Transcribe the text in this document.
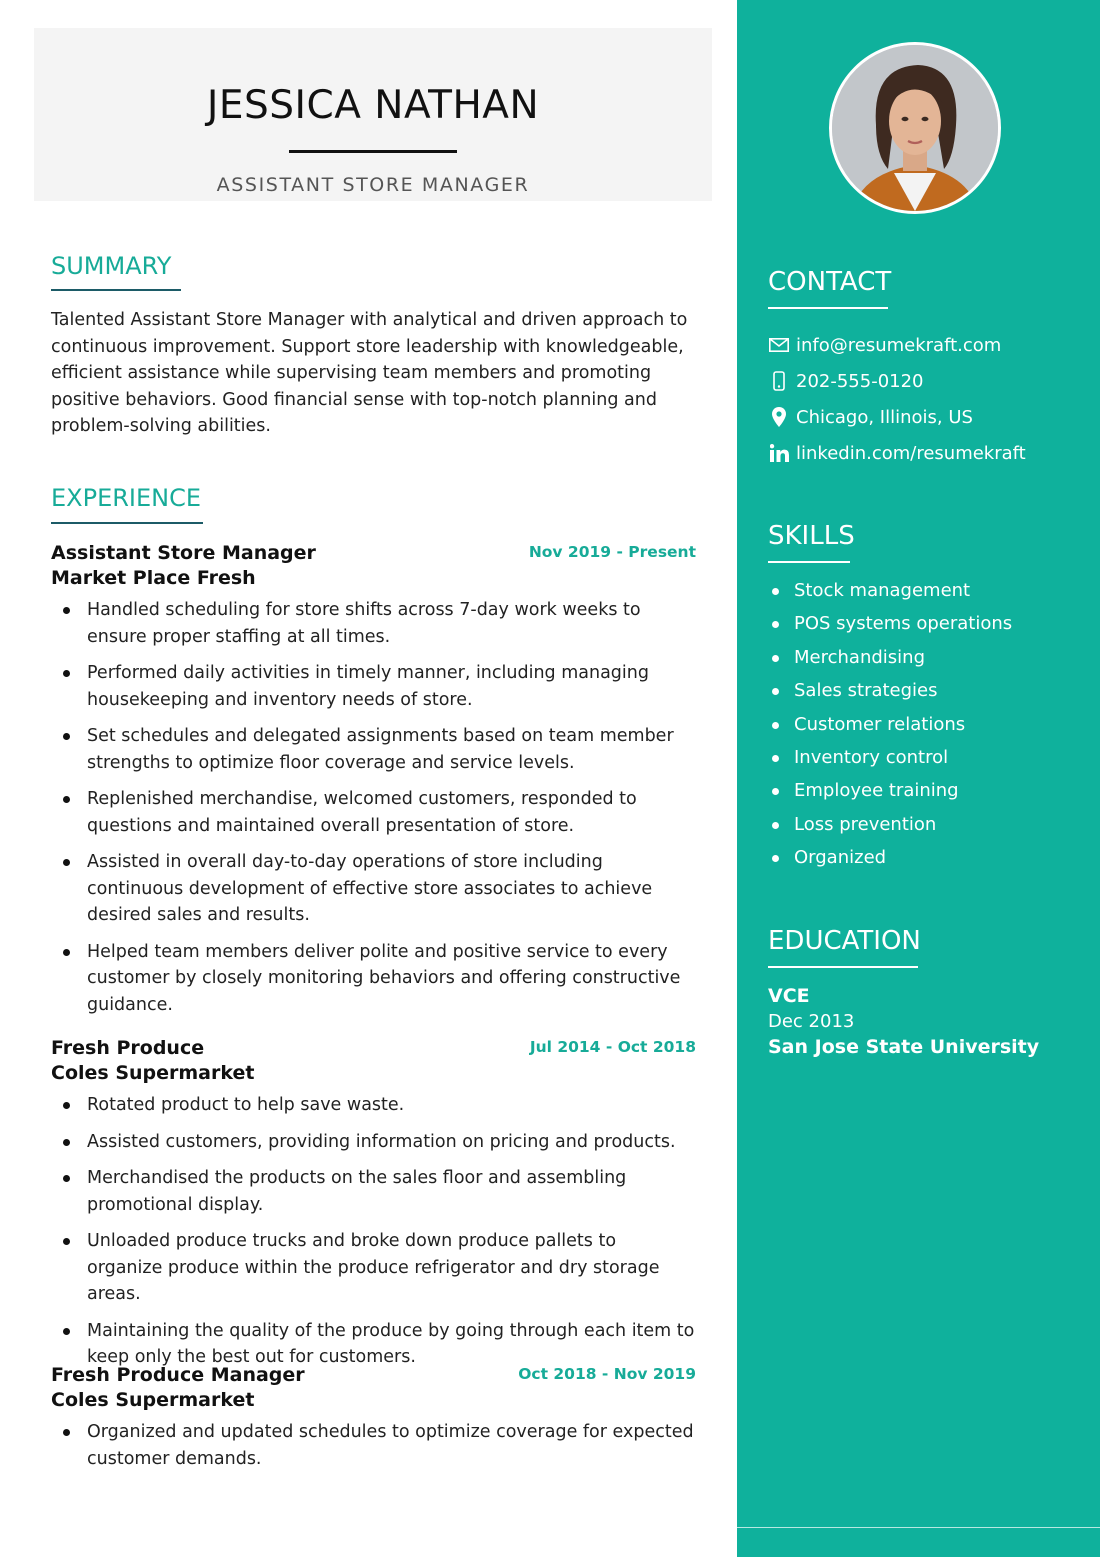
JESSICA NATHAN
ASSISTANT STORE MANAGER
SUMMARY
Talented Assistant Store Manager with analytical and driven approach to continuous improvement. Support store leadership with knowledgeable, efficient assistance while supervising team members and promoting positive behaviors. Good financial sense with top-notch planning and problem-solving abilities.
EXPERIENCE
Assistant Store Manager	Nov 2019 - Present
Market Place Fresh
Handled scheduling for store shifts across 7-day work weeks to ensure proper staffing at all times.
Performed daily activities in timely manner, including managing housekeeping and inventory needs of store.
Set schedules and delegated assignments based on team member strengths to optimize floor coverage and service levels.
Replenished merchandise, welcomed customers, responded to questions and maintained overall presentation of store.
Assisted in overall day-to-day operations of store including continuous development of effective store associates to achieve desired sales and results.
Helped team members deliver polite and positive service to every customer by closely monitoring behaviors and offering constructive guidance.
Fresh Produce	Jul 2014 - Oct 2018
Coles Supermarket
Rotated product to help save waste.
Assisted customers, providing information on pricing and products.
Merchandised the products on the sales floor and assembling promotional display.
Unloaded produce trucks and broke down produce pallets to organize produce within the produce refrigerator and dry storage areas.
Maintaining the quality of the produce by going through each item to keep only the best out for customers.
Fresh Produce Manager	Oct 2018 - Nov 2019
Coles Supermarket
Organized and updated schedules to optimize coverage for expected customer demands.
CONTACT
info@resumekraft.com
202-555-0120
Chicago, Illinois, US
linkedin.com/resumekraft
SKILLS
Stock management
POS systems operations
Merchandising
Sales strategies
Customer relations
Inventory control
Employee training
Loss prevention
Organized
EDUCATION
VCE
Dec 2013
San Jose State University
